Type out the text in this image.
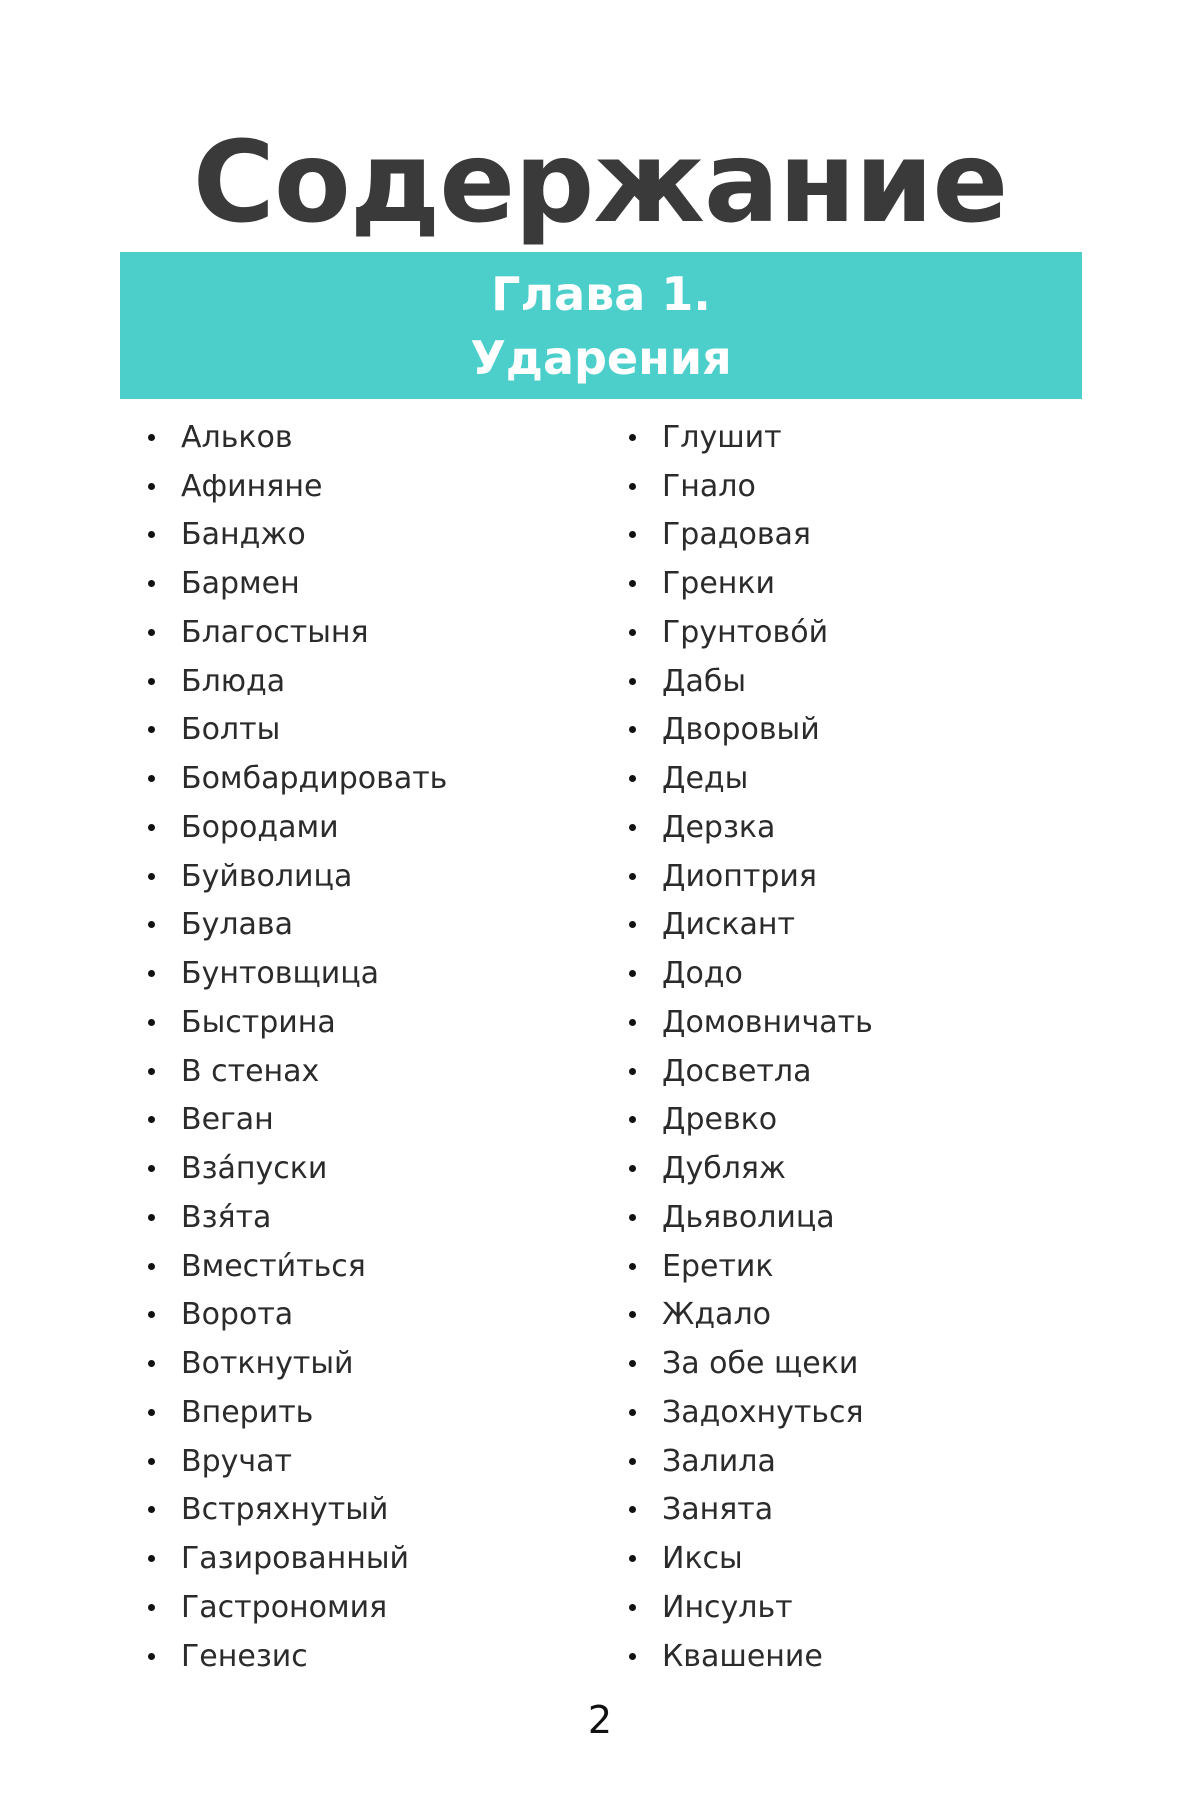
Содержание
Глава 1.
Ударения
Альков
Афиняне
Банджо
Бармен
Благостыня
Блюда
Болты
Бомбардировать
Бородами
Буйволица
Булава
Бунтовщица
Быстрина
В стенах
Веган
Взáпуски
Взя́та
Вмести́ться
Ворота
Воткнутый
Вперить
Вручат
Встряхнутый
Газированный
Гастрономия
Генезис
Глушит
Гнало
Градовая
Гренки
Грунтово́й
Дабы
Дворовый
Деды
Дерзка
Диоптрия
Дискант
Додо
Домовничать
Досветла
Древко
Дубляж
Дьяволица
Еретик
Ждало
За обе щеки
Задохнуться
Залила
Занята
Иксы
Инсульт
Квашение
2
